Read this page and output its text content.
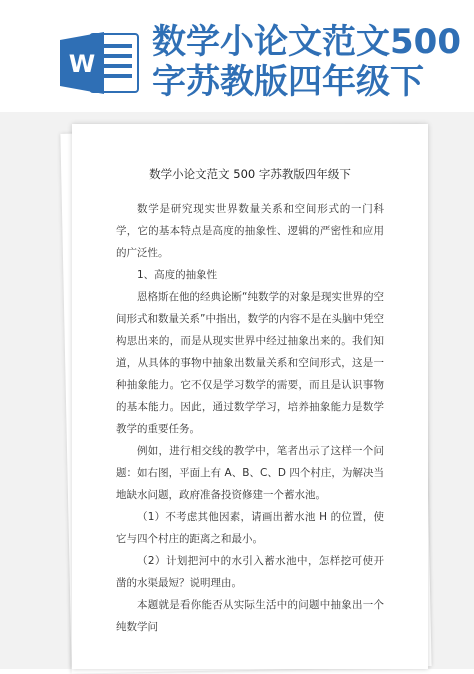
W
数学小论文范文500字苏教版四年级下
数学小论文范文 500 字苏教版四年级下

数学是研究现实世界数量关系和空间形式的一门科学，它的基本特点是高度的抽象性、逻辑的严密性和应用的广泛性。

1、高度的抽象性

恩格斯在他的经典论断“纯数学的对象是现实世界的空间形式和数量关系”中指出，数学的内容不是在头脑中凭空构思出来的，而是从现实世界中经过抽象出来的。我们知道，从具体的事物中抽象出数量关系和空间形式，这是一种抽象能力。它不仅是学习数学的需要，而且是认识事物的基本能力。因此，通过数学学习，培养抽象能力是数学教学的重要任务。

例如，进行相交线的教学中，笔者出示了这样一个问题：如右图，平面上有 A、B、C、D 四个村庄，为解决当地缺水问题，政府准备投资修建一个蓄水池。

（1）不考虑其他因素，请画出蓄水池 H 的位置，使它与四个村庄的距离之和最小。

（2）计划把河中的水引入蓄水池中，怎样挖可使开凿的水渠最短？说明理由。

本题就是看你能否从实际生活中的问题中抽象出一个纯数学问
